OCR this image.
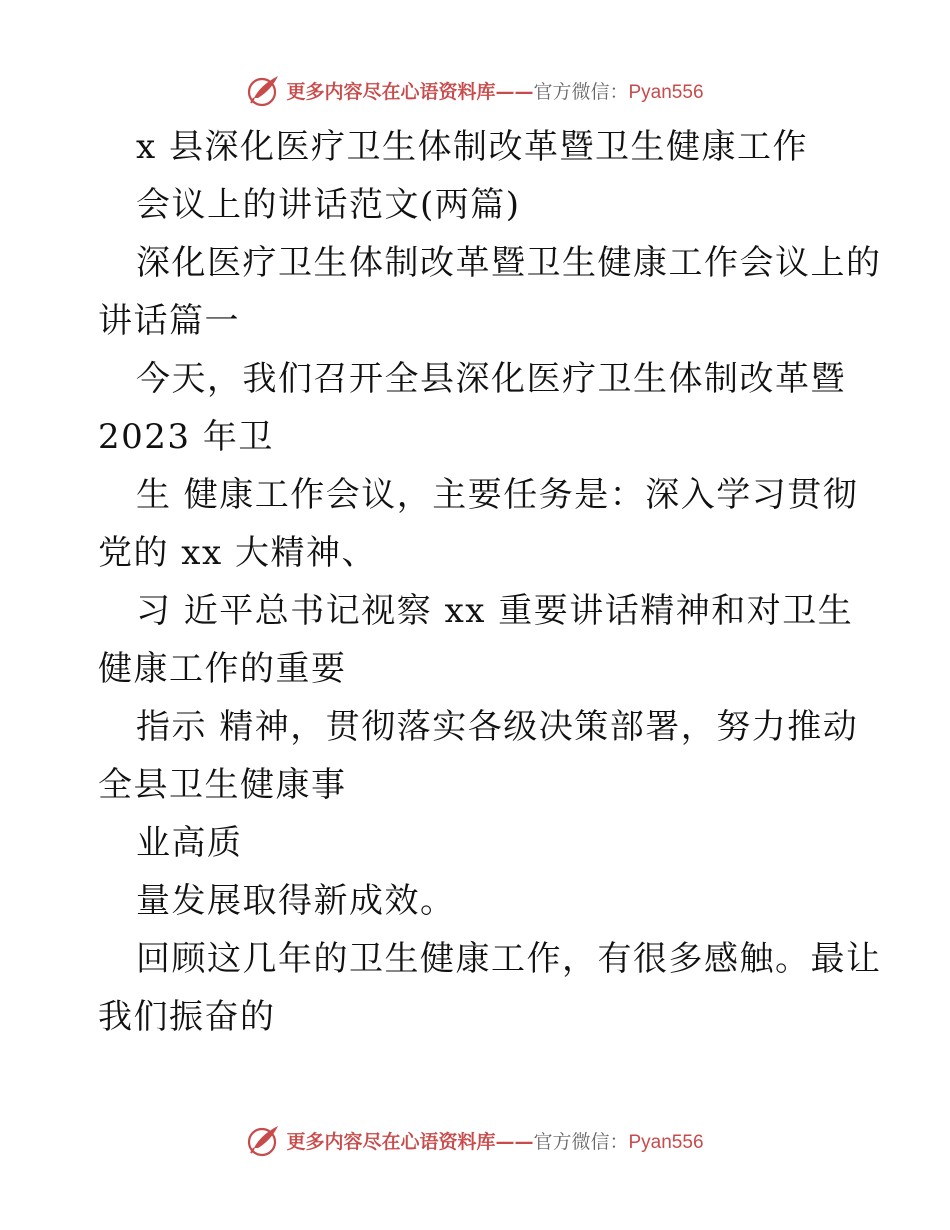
更多内容尽在心语资料库——官方微信：Pyan556
x 县深化医疗卫生体制改革暨卫生健康工作
会议上的讲话范文(两篇)
深化医疗卫生体制改革暨卫生健康工作会议上的
讲话篇一
今天，我们召开全县深化医疗卫生体制改革暨
2023 年卫
生 健康工作会议，主要任务是：深入学习贯彻
党的 xx 大精神、
习 近平总书记视察 xx 重要讲话精神和对卫生
健康工作的重要
指示 精神，贯彻落实各级决策部署，努力推动
全县卫生健康事
业高质
量发展取得新成效。
回顾这几年的卫生健康工作，有很多感触。最让
我们振奋的
更多内容尽在心语资料库——官方微信：Pyan556
